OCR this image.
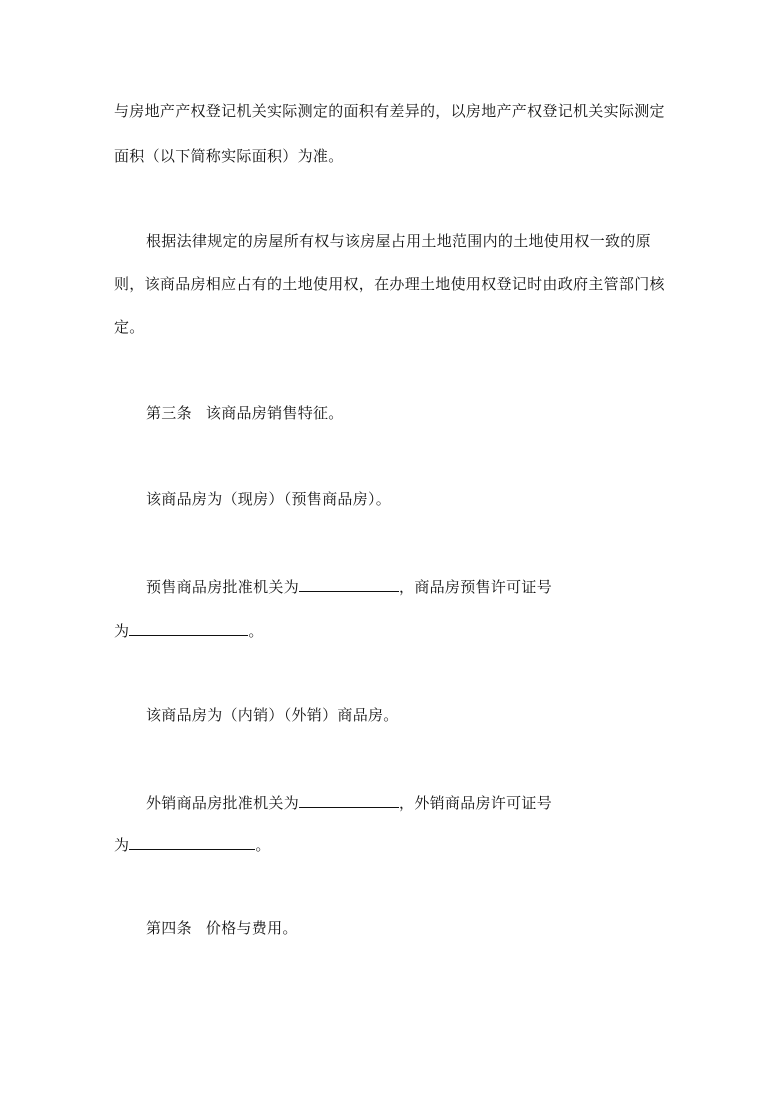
与房地产产权登记机关实际测定的面积有差异的，以房地产产权登记机关实际测定
面积（以下简称实际面积）为准。
根据法律规定的房屋所有权与该房屋占用土地范围内的土地使用权一致的原
则，该商品房相应占有的土地使用权，在办理土地使用权登记时由政府主管部门核
定。
第三条 该商品房销售特征。
该商品房为（现房）（预售商品房）。
预售商品房批准机关为	，商品房预售许可证号
为	。
该商品房为（内销）（外销）商品房。
外销商品房批准机关为	，外销商品房许可证号
为	。
第四条 价格与费用。
